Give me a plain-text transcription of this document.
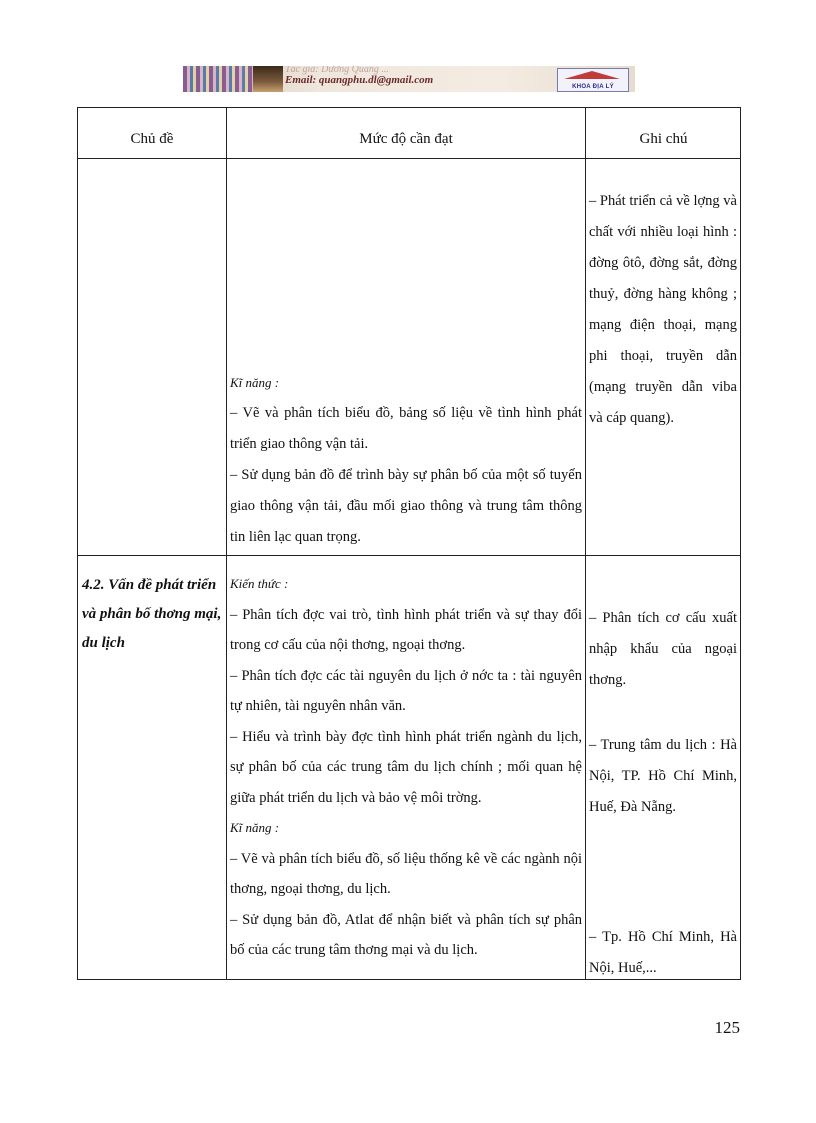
Tác giả: Dương Quang ...
Email: quangphu.dl@gmail.com
KHOA ĐỊA LÝ
Chủ đề	Mức độ cần đạt	Ghi chú

Kĩ năng :

– Vẽ và phân tích biểu đồ, bảng số liệu về tình hình phát triển giao thông vận tải.

– Sử dụng bản đồ để trình bày sự phân bố của một số tuyến giao thông vận tải, đầu mối giao thông và trung tâm thông tin liên lạc quan trọng.

– Phát triển cả về lợng và chất với nhiều loại hình : đờng ôtô, đờng sắt, đờng thuỷ, đờng hàng không ; mạng điện thoại, mạng phi thoại, truyền dẫn (mạng truyền dẫn viba và cáp quang).
4.2. Vấn đề phát triển và phân bố thơng mại, du lịch

Kiến thức :

– Phân tích đợc vai trò, tình hình phát triển và sự thay đổi trong cơ cấu của nội thơng, ngoại thơng.

– Phân tích đợc các tài nguyên du lịch ở nớc ta : tài nguyên tự nhiên, tài nguyên nhân văn.

– Hiểu và trình bày đợc tình hình phát triển ngành du lịch, sự phân bố của các trung tâm du lịch chính ; mối quan hệ giữa phát triển du lịch và bảo vệ môi trờng.

Kĩ năng :

– Vẽ và phân tích biểu đồ, số liệu thống kê về các ngành nội thơng, ngoại thơng, du lịch.

– Sử dụng bản đồ, Atlat để nhận biết và phân tích sự phân bố của các trung tâm thơng mại và du lịch.

– Phân tích cơ cấu xuất nhập khẩu của ngoại thơng.
– Trung tâm du lịch : Hà Nội, TP. Hồ Chí Minh, Huế, Đà Nẵng.
– Tp. Hồ Chí Minh, Hà Nội, Huế,...
125
